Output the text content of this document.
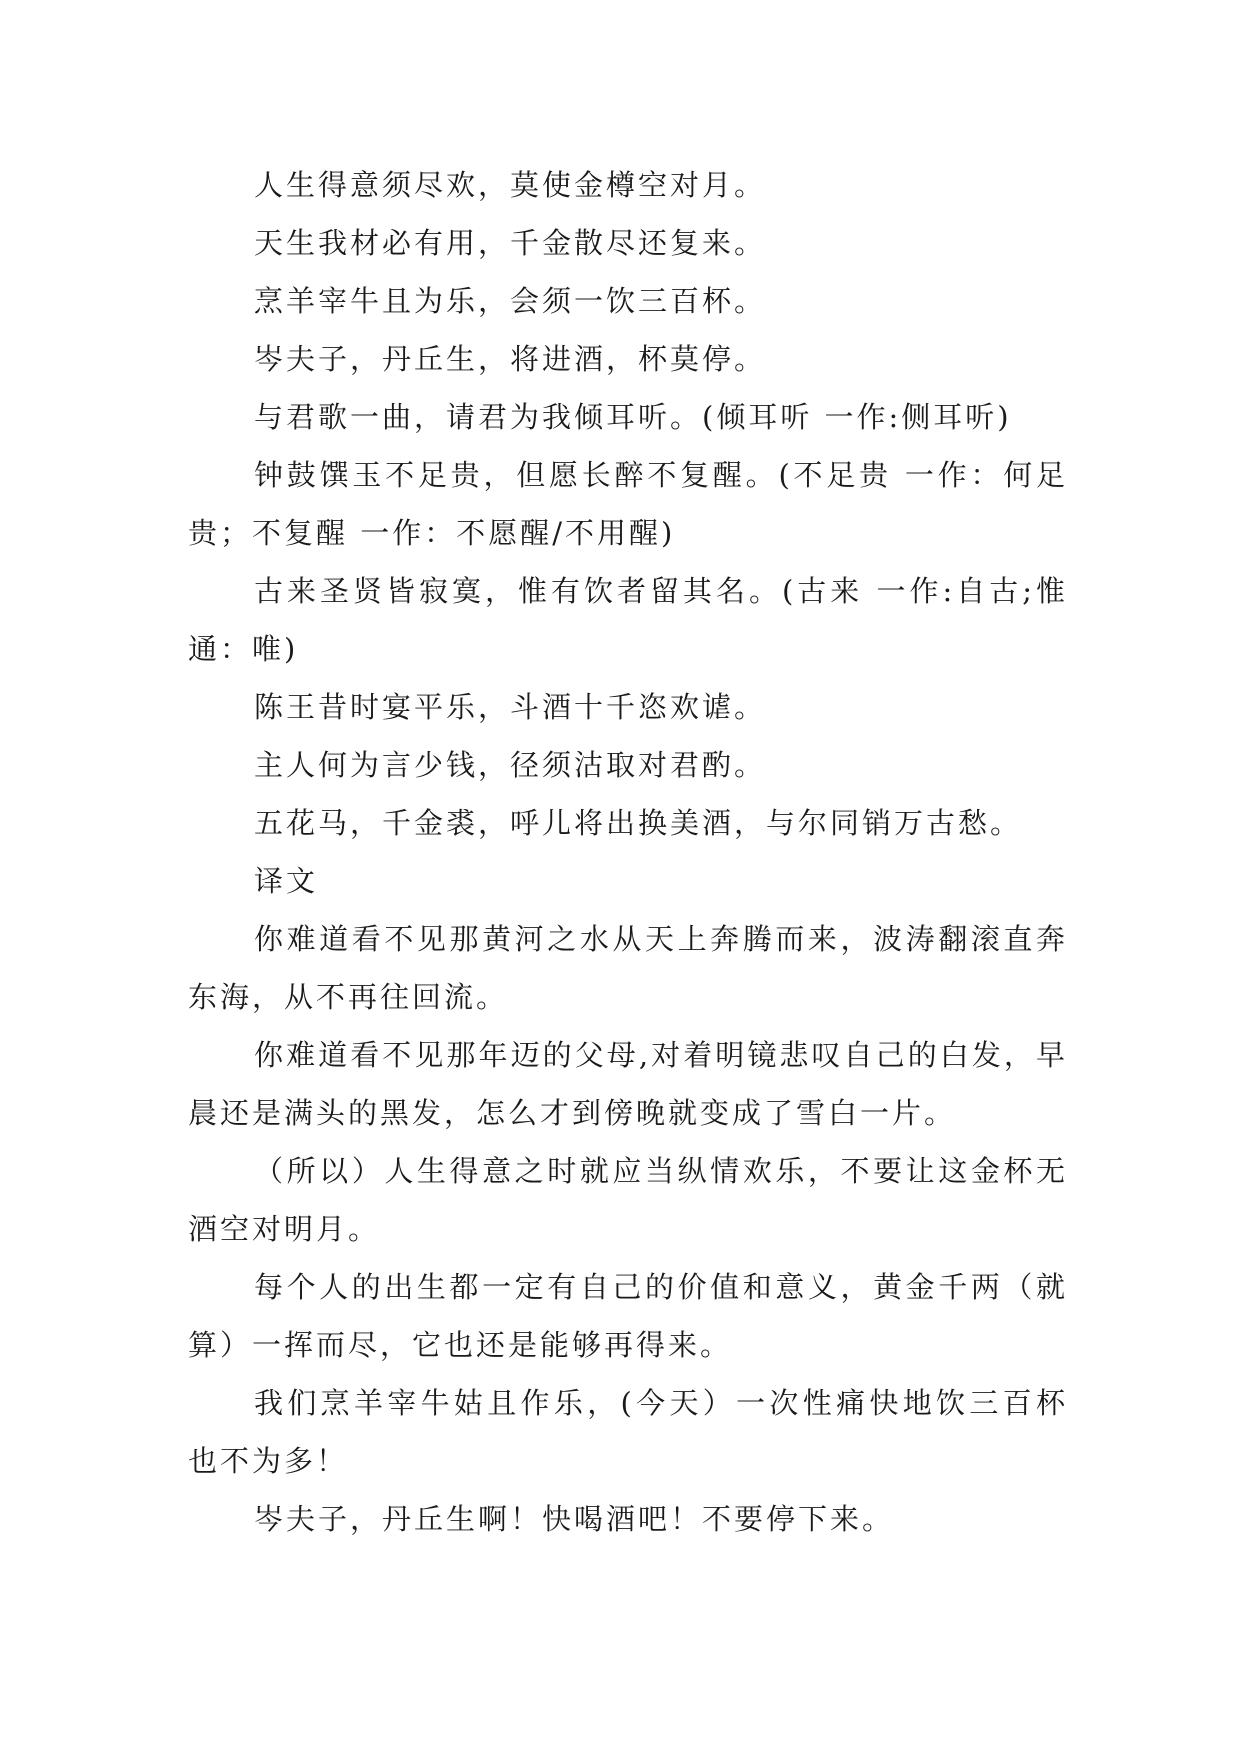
人生得意须尽欢，莫使金樽空对月。

天生我材必有用，千金散尽还复来。

烹羊宰牛且为乐，会须一饮三百杯。

岑夫子，丹丘生，将进酒，杯莫停。

与君歌一曲，请君为我倾耳听。(倾耳听 一作:侧耳听)

钟鼓馔玉不足贵，但愿长醉不复醒。(不足贵 一作：何足贵；不复醒 一作：不愿醒/不用醒)

古来圣贤皆寂寞，惟有饮者留其名。(古来 一作:自古;惟 通：唯)

陈王昔时宴平乐，斗酒十千恣欢谑。

主人何为言少钱，径须沽取对君酌。

五花马，千金裘，呼儿将出换美酒，与尔同销万古愁。

译文

你难道看不见那黄河之水从天上奔腾而来，波涛翻滚直奔东海，从不再往回流。

你难道看不见那年迈的父母,对着明镜悲叹自己的白发，早晨还是满头的黑发，怎么才到傍晚就变成了雪白一片。

（所以）人生得意之时就应当纵情欢乐，不要让这金杯无酒空对明月。

每个人的出生都一定有自己的价值和意义，黄金千两（就算）一挥而尽，它也还是能够再得来。

我们烹羊宰牛姑且作乐，(今天）一次性痛快地饮三百杯也不为多！

岑夫子，丹丘生啊！快喝酒吧！不要停下来。
